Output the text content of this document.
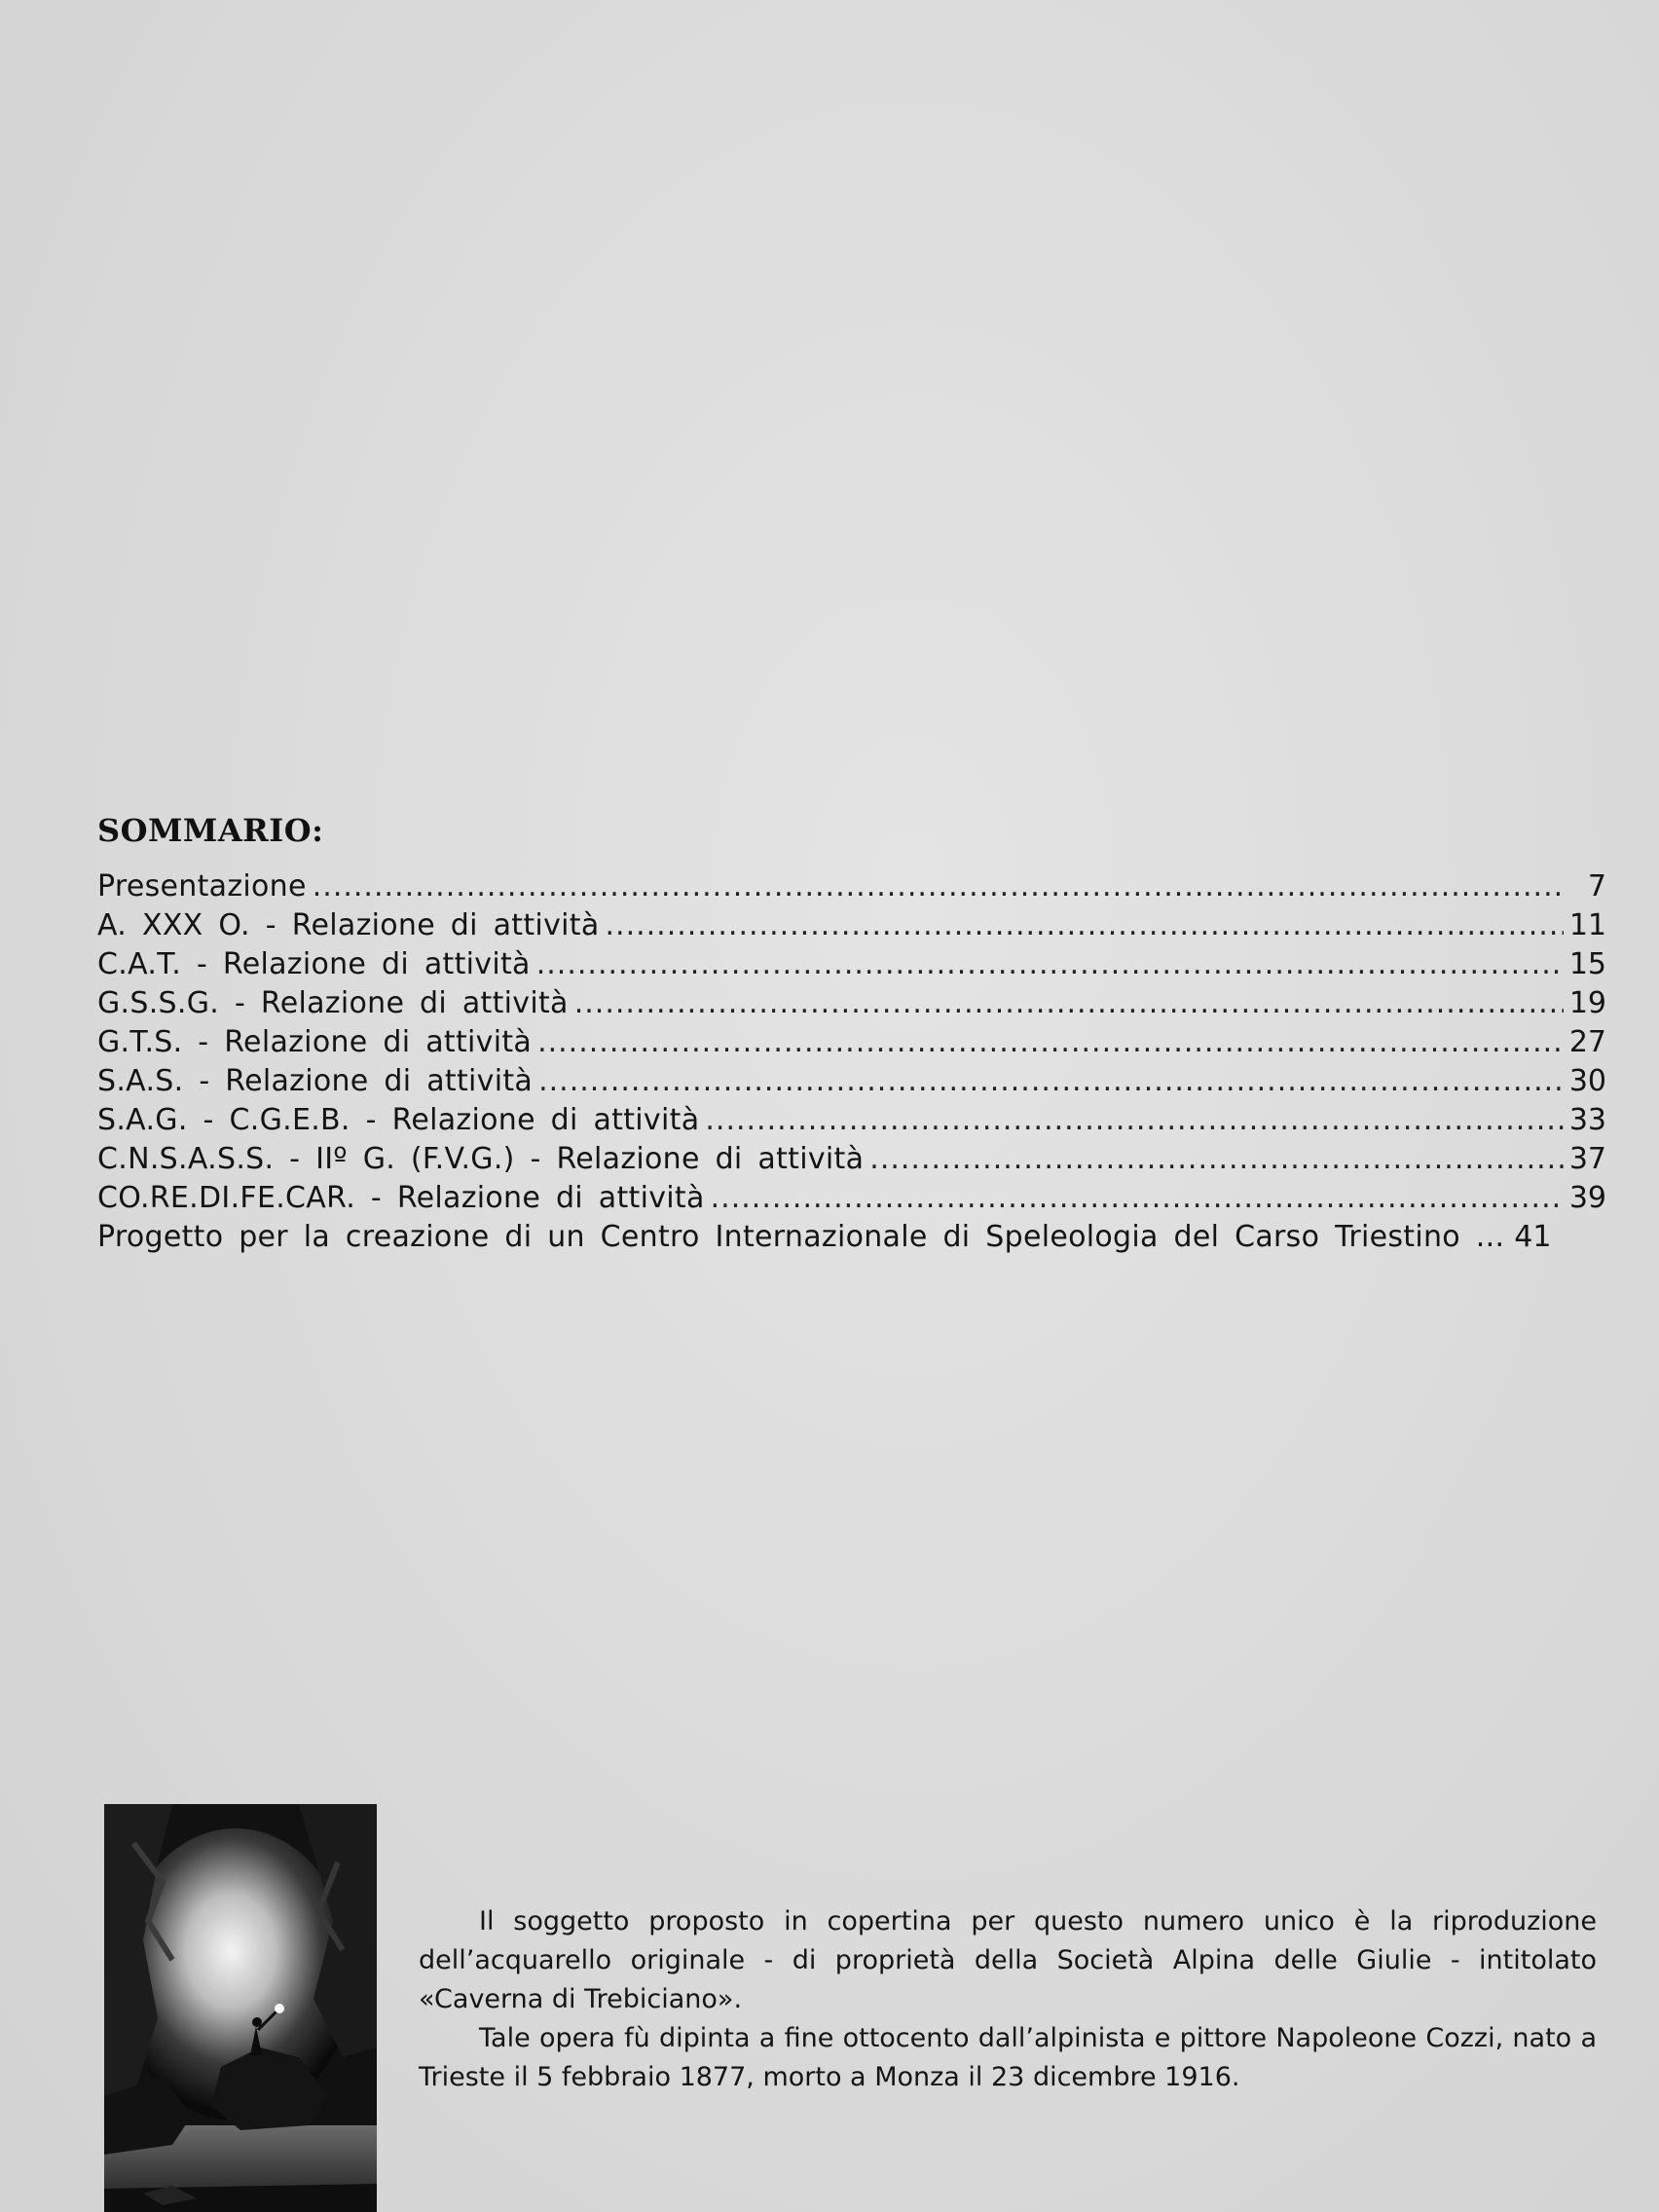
SOMMARIO:
Presentazione .....	7
A. XXX O. - Relazione di attività .....	11
C.A.T. - Relazione di attività .....	15
G.S.S.G. - Relazione di attività .....	19
G.T.S. - Relazione di attività .....	27
S.A.S. - Relazione di attività .....	30
S.A.G. - C.G.E.B. - Relazione di attività .....	33
C.N.S.A.S.S. - IIº G. (F.V.G.) - Relazione di attività .....	37
CO.RE.DI.FE.CAR. - Relazione di attività .....	39
Progetto per la creazione di un Centro Internazionale di Speleologia del Carso Triestino ... 41

Il soggetto proposto in copertina per questo numero unico è la riproduzione dell’acquarello originale - di proprietà della Società Alpina delle Giulie - intitolato «Caverna di Trebiciano».

Tale opera fù dipinta a fine ottocento dall’alpinista e pittore Napoleone Cozzi, nato a Trieste il 5 febbraio 1877, morto a Monza il 23 dicembre 1916.
